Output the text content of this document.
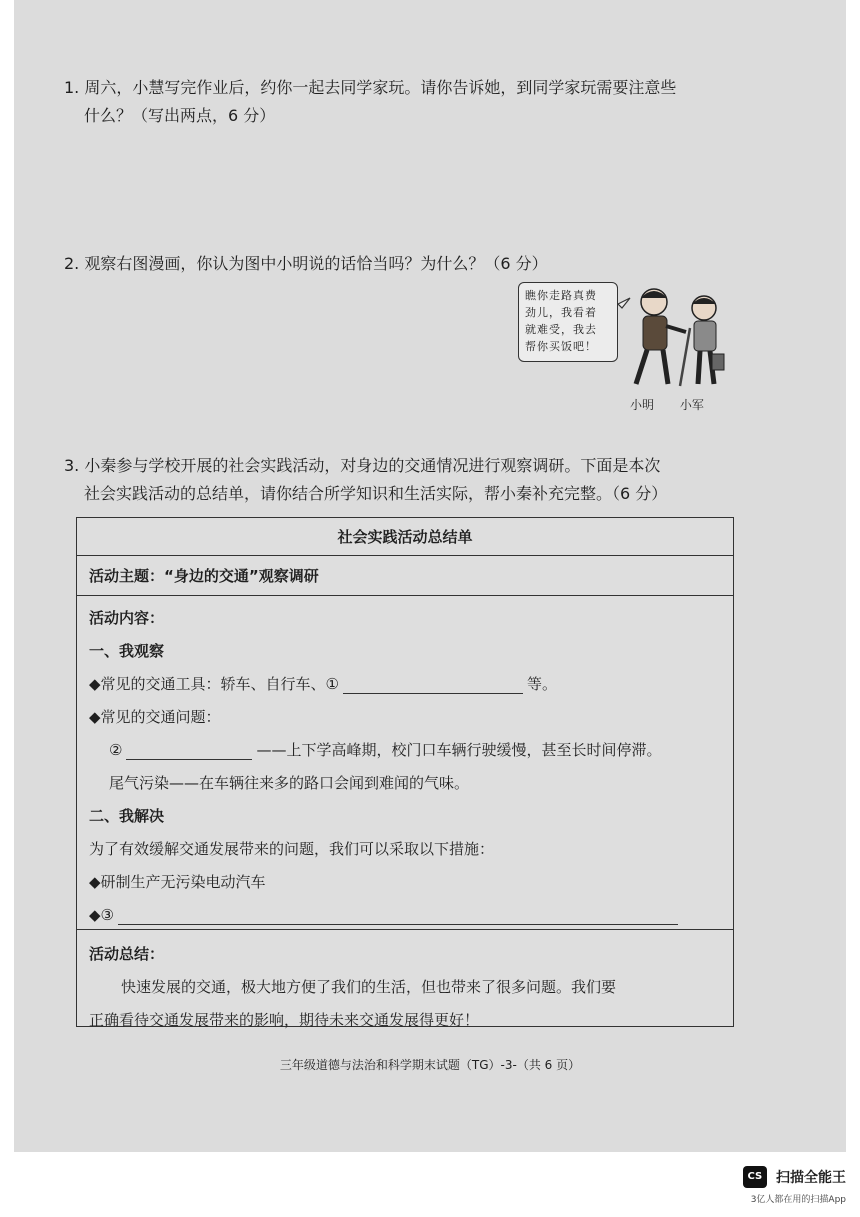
1. 周六，小慧写完作业后，约你一起去同学家玩。请你告诉她，到同学家玩需要注意些
什么？（写出两点，6 分）
2. 观察右图漫画，你认为图中小明说的话恰当吗？为什么？（6 分）
瞧你走路真费
劲儿，我看着
就难受，我去
帮你买饭吧！
小明 小军
3. 小秦参与学校开展的社会实践活动，对身边的交通情况进行观察调研。下面是本次
社会实践活动的总结单，请你结合所学知识和生活实际，帮小秦补充完整。（6 分）
社会实践活动总结单
活动主题：“身边的交通”观察调研
活动内容：
一、我观察
◆常见的交通工具：轿车、自行车、①	等。
◆常见的交通问题：
②	——上下学高峰期，校门口车辆行驶缓慢，甚至长时间停滞。
尾气污染——在车辆往来多的路口会闻到难闻的气味。
二、我解决
为了有效缓解交通发展带来的问题，我们可以采取以下措施：
◆研制生产无污染电动汽车
◆③
活动总结：
快速发展的交通，极大地方便了我们的生活，但也带来了很多问题。我们要
正确看待交通发展带来的影响，期待未来交通发展得更好！
三年级道德与法治和科学期末试题（TG）-3-（共 6 页）
CS 扫描全能王
3亿人都在用的扫描App
